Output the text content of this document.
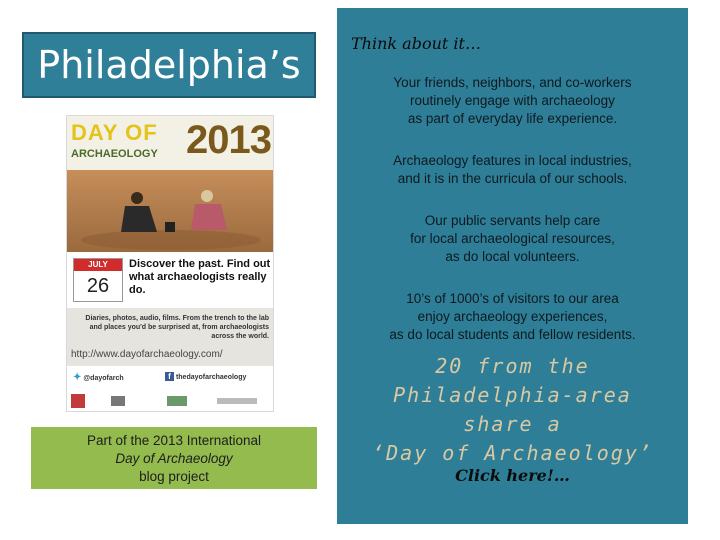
Philadelphia’s
DAY OF
ARCHAEOLOGY 2013
JULY
26
Discover the past. Find out what archaeologists really do.
Diaries, photos, audio, films. From the trench to the lab and places you'd be surprised at, from archaeologists across the world.
http://www.dayofarchaeology.com/
✦ @dayofarch	f thedayofarchaeology
Part of the 2013 International
Day of Archaeology
blog project
Think about it…
Your friends, neighbors, and co-workers
routinely engage with archaeology
as part of everyday life experience.
Archaeology features in local industries,
and it is in the curricula of our schools.
Our public servants help care
for local archaeological resources,
as do local volunteers.
10’s of 1000’s of visitors to our area
enjoy archaeology experiences,
as do local students and fellow residents.
20 from the
Philadelphia-area
share a
‘Day of Archaeology’
Click here!…
